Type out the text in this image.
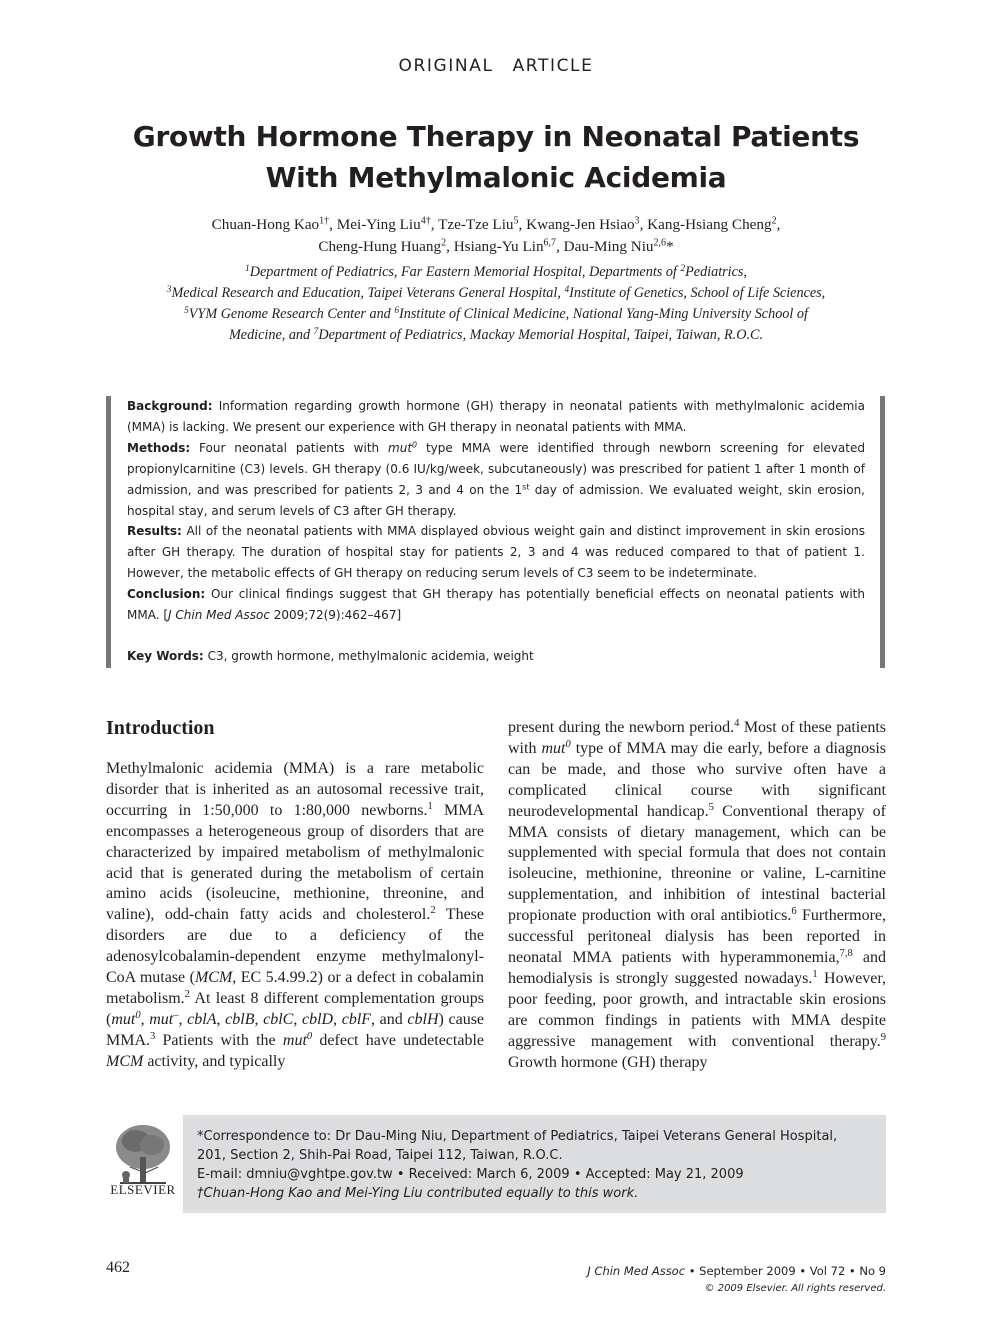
ORIGINAL ARTICLE
Growth Hormone Therapy in Neonatal Patients
With Methylmalonic Acidemia
Chuan-Hong Kao$^{1\dagger}$, Mei-Ying Liu$^{4\dagger}$, Tze-Tze Liu$^5$, Kwang-Jen Hsiao$^3$, Kang-Hsiang Cheng$^2$,
Cheng-Hung Huang$^2$, Hsiang-Yu Lin$^{6,7}$, Dau-Ming Niu$^{2,6}$*
$^1$Department of Pediatrics, Far Eastern Memorial Hospital, Departments of $^2$Pediatrics,
$^3$Medical Research and Education, Taipei Veterans General Hospital, $^4$Institute of Genetics, School of Life Sciences,
$^5$VYM Genome Research Center and $^6$Institute of Clinical Medicine, National Yang-Ming University School of
Medicine, and $^7$Department of Pediatrics, Mackay Memorial Hospital, Taipei, Taiwan, R.O.C.

Background: Information regarding growth hormone (GH) therapy in neonatal patients with methylmalonic acidemia (MMA) is lacking. We present our experience with GH therapy in neonatal patients with MMA.

Methods: Four neonatal patients with mut$^0$ type MMA were identified through newborn screening for elevated propionylcarnitine (C3) levels. GH therapy (0.6 IU/kg/week, subcutaneously) was prescribed for patient 1 after 1 month of admission, and was prescribed for patients 2, 3 and 4 on the 1st day of admission. We evaluated weight, skin erosion, hospital stay, and serum levels of C3 after GH therapy.

Results: All of the neonatal patients with MMA displayed obvious weight gain and distinct improvement in skin erosions after GH therapy. The duration of hospital stay for patients 2, 3 and 4 was reduced compared to that of patient 1. However, the metabolic effects of GH therapy on reducing serum levels of C3 seem to be indeterminate.

Conclusion: Our clinical findings suggest that GH therapy has potentially beneficial effects on neonatal patients with MMA. [J Chin Med Assoc 2009;72(9):462–467]

Key Words: C3, growth hormone, methylmalonic acidemia, weight

Introduction

Methylmalonic acidemia (MMA) is a rare metabolic disorder that is inherited as an autosomal recessive trait, occurring in 1:50,000 to 1:80,000 newborns.$^1$ MMA encompasses a heterogeneous group of disorders that are characterized by impaired metabolism of methylmalonic acid that is generated during the metabolism of certain amino acids (isoleucine, methionine, threonine, and valine), odd-chain fatty acids and cholesterol.$^2$ These disorders are due to a deficiency of the adenosylcobalamin-dependent enzyme methylmalonyl-CoA mutase (MCM, EC 5.4.99.2) or a defect in cobalamin metabolism.$^2$ At least 8 different complementation groups (mut$^0$, mut–, cblA, cblB, cblC, cblD, cblF, and cblH) cause MMA.$^3$ Patients with the mut$^0$ defect have undetectable MCM activity, and typically

present during the newborn period.$^4$ Most of these patients with mut$^0$ type of MMA may die early, before a diagnosis can be made, and those who survive often have a complicated clinical course with significant neurodevelopmental handicap.$^5$ Conventional therapy of MMA consists of dietary management, which can be supplemented with special formula that does not contain isoleucine, methionine, threonine or valine, L-carnitine supplementation, and inhibition of intestinal bacterial propionate production with oral antibiotics.$^6$ Furthermore, successful peritoneal dialysis has been reported in neonatal MMA patients with hyperammonemia,$^{7,8}$ and hemodialysis is strongly suggested nowadays.$^1$ However, poor feeding, poor growth, and intractable skin erosions are common findings in patients with MMA despite aggressive management with conventional therapy.$^9$ Growth hormone (GH) therapy

ELSEVIER
*Correspondence to: Dr Dau-Ming Niu, Department of Pediatrics, Taipei Veterans General Hospital,
201, Section 2, Shih-Pai Road, Taipei 112, Taiwan, R.O.C.
E-mail: dmniu@vghtpe.gov.tw • Received: March 6, 2009 • Accepted: May 21, 2009
†Chuan-Hong Kao and Mei-Ying Liu contributed equally to this work.
462	J Chin Med Assoc • September 2009 • Vol 72 • No 9
© 2009 Elsevier. All rights reserved.
